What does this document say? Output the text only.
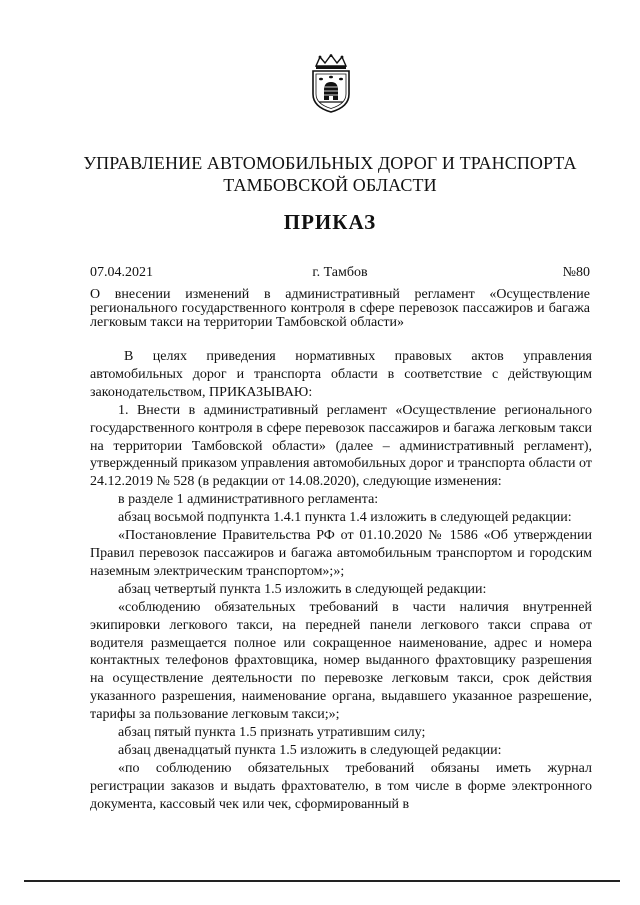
УПРАВЛЕНИЕ АВТОМОБИЛЬНЫХ ДОРОГ И ТРАНСПОРТА
ТАМБОВСКОЙ ОБЛАСТИ
ПРИКАЗ
07.04.2021	г. Тамбов	№80
О внесении изменений в административный регламент «Осуществление регионального государственного контроля в сфере перевозок пассажиров и багажа легковым такси на территории Тамбовской области»

В целях приведения нормативных правовых актов управления автомобильных дорог и транспорта области в соответствие с действующим законодательством, ПРИКАЗЫВАЮ:

1. Внести в административный регламент «Осуществление регионального государственного контроля в сфере перевозок пассажиров и багажа легковым такси на территории Тамбовской области» (далее – административный регламент), утвержденный приказом управления автомобильных дорог и транспорта области от 24.12.2019 № 528 (в редакции от 14.08.2020), следующие изменения:

в разделе 1 административного регламента:

абзац восьмой подпункта 1.4.1 пункта 1.4 изложить в следующей редакции:

«Постановление Правительства РФ от 01.10.2020 № 1586 «Об утверждении Правил перевозок пассажиров и багажа автомобильным транспортом и городским наземным электрическим транспортом»;»;

абзац четвертый пункта 1.5 изложить в следующей редакции:

«соблюдению обязательных требований в части наличия внутренней экипировки легкового такси, на передней панели легкового такси справа от водителя размещается полное или сокращенное наименование, адрес и номера контактных телефонов фрахтовщика, номер выданного фрахтовщику разрешения на осуществление деятельности по перевозке легковым такси, срок действия указанного разрешения, наименование органа, выдавшего указанное разрешение, тарифы за пользование легковым такси;»;

абзац пятый пункта 1.5 признать утратившим силу;

абзац двенадцатый пункта 1.5 изложить в следующей редакции:

«по соблюдению обязательных требований обязаны иметь журнал регистрации заказов и выдать фрахтователю, в том числе в форме электронного документа, кассовый чек или чек, сформированный в
